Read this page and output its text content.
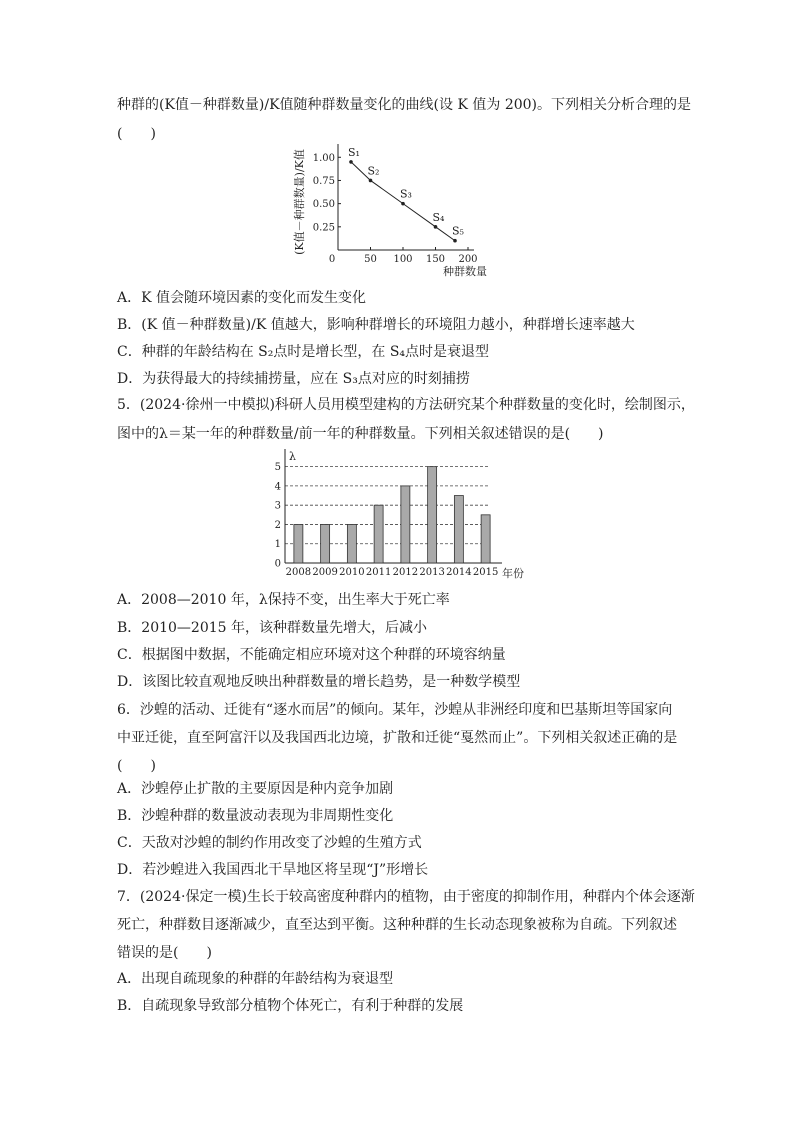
种群的(K值－种群数量)/K值随种群数量变化的曲线(设 K 值为 200)。下列相关分析合理的是
(　　)
0	50 100 150 200
0.25
0.50
0.75
1.00 S₁
S₂
S₃
S₄
S₅
(K值－种群数量)/K值
种群数量
A．K 值会随环境因素的变化而发生变化
B．(K 值－种群数量)/K 值越大，影响种群增长的环境阻力越小，种群增长速率越大
C．种群的年龄结构在 S₂点时是增长型，在 S₄点时是衰退型
D．为获得最大的持续捕捞量，应在 S₃点对应的时刻捕捞
5．(2024·徐州一中模拟)科研人员用模型建构的方法研究某个种群数量的变化时，绘制图示，
图中的λ＝某一年的种群数量/前一年的种群数量。下列相关叙述错误的是(　　)
0
1
2
3
4
5
2008 2009 2010 2011 2012 2013 2014 2015
λ
年份
A．2008—2010 年，λ保持不变，出生率大于死亡率
B．2010—2015 年，该种群数量先增大，后减小
C．根据图中数据，不能确定相应环境对这个种群的环境容纳量
D．该图比较直观地反映出种群数量的增长趋势，是一种数学模型
6．沙蝗的活动、迁徙有“逐水而居”的倾向。某年，沙蝗从非洲经印度和巴基斯坦等国家向
中亚迁徙，直至阿富汗以及我国西北边境，扩散和迁徙“戛然而止”。下列相关叙述正确的是
(　　)
A．沙蝗停止扩散的主要原因是种内竞争加剧
B．沙蝗种群的数量波动表现为非周期性变化
C．天敌对沙蝗的制约作用改变了沙蝗的生殖方式
D．若沙蝗进入我国西北干旱地区将呈现“J”形增长
7．(2024·保定一模)生长于较高密度种群内的植物，由于密度的抑制作用，种群内个体会逐渐
死亡，种群数目逐渐减少，直至达到平衡。这种种群的生长动态现象被称为自疏。下列叙述
错误的是(　　)
A．出现自疏现象的种群的年龄结构为衰退型
B．自疏现象导致部分植物个体死亡，有利于种群的发展
